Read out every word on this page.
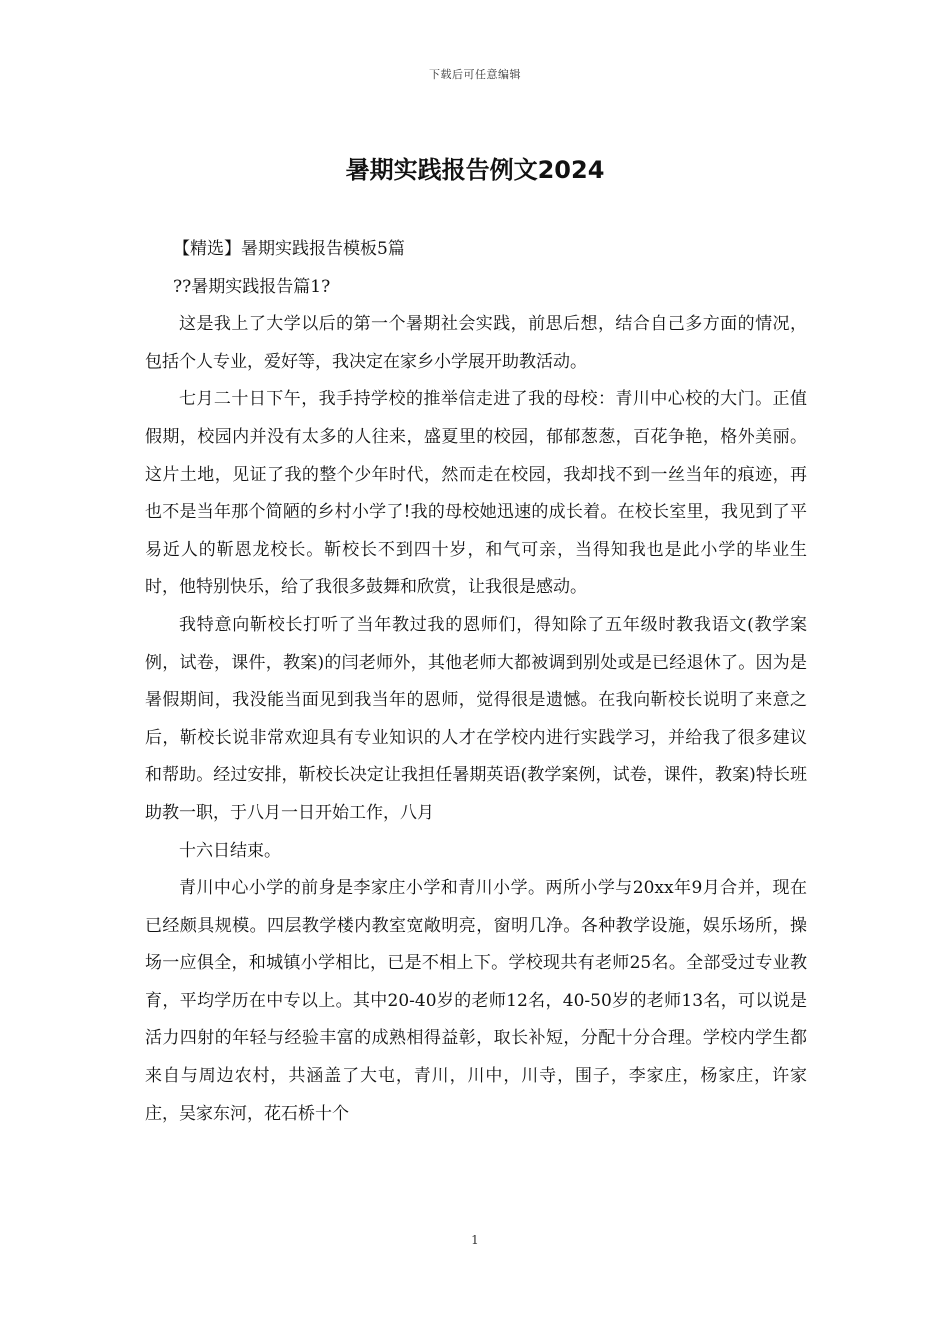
下载后可任意编辑
暑期实践报告例文2024

【精选】暑期实践报告模板5篇

??暑期实践报告篇1?

这是我上了大学以后的第一个暑期社会实践，前思后想，结合自己多方面的情况，包括个人专业，爱好等，我决定在家乡小学展开助教活动。

七月二十日下午，我手持学校的推举信走进了我的母校：青川中心校的大门。正值假期，校园内并没有太多的人往来，盛夏里的校园，郁郁葱葱，百花争艳，格外美丽。这片土地，见证了我的整个少年时代，然而走在校园，我却找不到一丝当年的痕迹，再也不是当年那个简陋的乡村小学了!我的母校她迅速的成长着。在校长室里，我见到了平易近人的靳恩龙校长。靳校长不到四十岁，和气可亲，当得知我也是此小学的毕业生时，他特别快乐，给了我很多鼓舞和欣赏，让我很是感动。

我特意向靳校长打听了当年教过我的恩师们，得知除了五年级时教我语文(教学案例，试卷，课件，教案)的闫老师外，其他老师大都被调到别处或是已经退休了。因为是暑假期间，我没能当面见到我当年的恩师，觉得很是遗憾。在我向靳校长说明了来意之后，靳校长说非常欢迎具有专业知识的人才在学校内进行实践学习，并给我了很多建议和帮助。经过安排，靳校长决定让我担任暑期英语(教学案例，试卷，课件，教案)特长班助教一职，于八月一日开始工作，八月

十六日结束。

青川中心小学的前身是李家庄小学和青川小学。两所小学与20xx年9月合并，现在已经颇具规模。四层教学楼内教室宽敞明亮，窗明几净。各种教学设施，娱乐场所，操场一应俱全，和城镇小学相比，已是不相上下。学校现共有老师25名。全部受过专业教育，平均学历在中专以上。其中20-40岁的老师12名，40-50岁的老师13名，可以说是活力四射的年轻与经验丰富的成熟相得益彰，取长补短，分配十分合理。学校内学生都来自与周边农村，共涵盖了大屯，青川，川中，川寺，围子，李家庄，杨家庄，许家庄，吴家东河，花石桥十个

1
